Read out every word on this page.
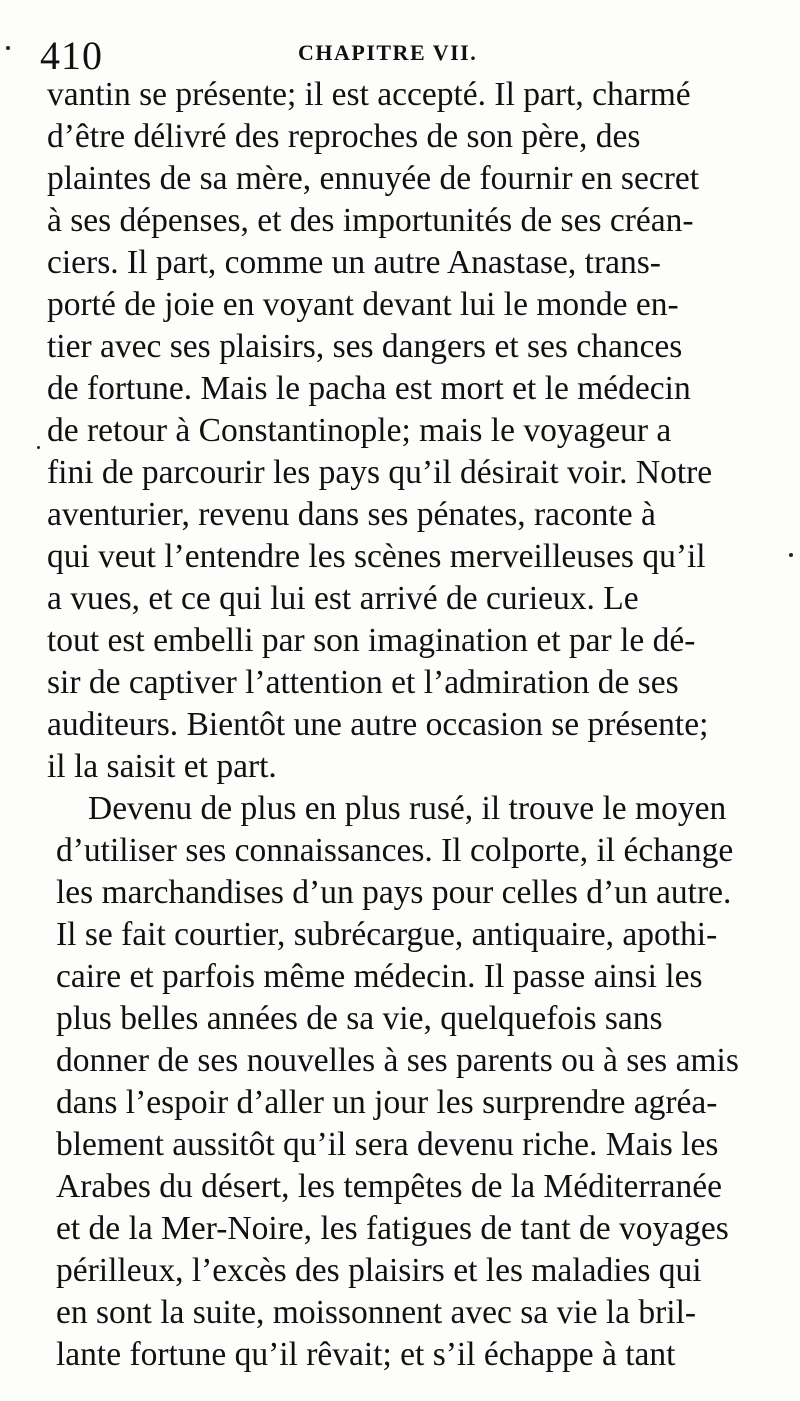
410	CHAPITRE VII.
vantin se présente; il est accepté. Il part, charmé
d’être délivré des reproches de son père, des
plaintes de sa mère, ennuyée de fournir en secret
à ses dépenses, et des importunités de ses créan-
ciers. Il part, comme un autre Anastase, trans-
porté de joie en voyant devant lui le monde en-
tier avec ses plaisirs, ses dangers et ses chances
de fortune. Mais le pacha est mort et le médecin
de retour à Constantinople; mais le voyageur a
fini de parcourir les pays qu’il désirait voir. Notre
aventurier, revenu dans ses pénates, raconte à
qui veut l’entendre les scènes merveilleuses qu’il
a vues, et ce qui lui est arrivé de curieux. Le
tout est embelli par son imagination et par le dé-
sir de captiver l’attention et l’admiration de ses
auditeurs. Bientôt une autre occasion se présente;
il la saisit et part.
Devenu de plus en plus rusé, il trouve le moyen
d’utiliser ses connaissances. Il colporte, il échange
les marchandises d’un pays pour celles d’un autre.
Il se fait courtier, subrécargue, antiquaire, apothi-
caire et parfois même médecin. Il passe ainsi les
plus belles années de sa vie, quelquefois sans
donner de ses nouvelles à ses parents ou à ses amis
dans l’espoir d’aller un jour les surprendre agréa-
blement aussitôt qu’il sera devenu riche. Mais les
Arabes du désert, les tempêtes de la Méditerranée
et de la Mer-Noire, les fatigues de tant de voyages
périlleux, l’excès des plaisirs et les maladies qui
en sont la suite, moissonnent avec sa vie la bril-
lante fortune qu’il rêvait; et s’il échappe à tant
